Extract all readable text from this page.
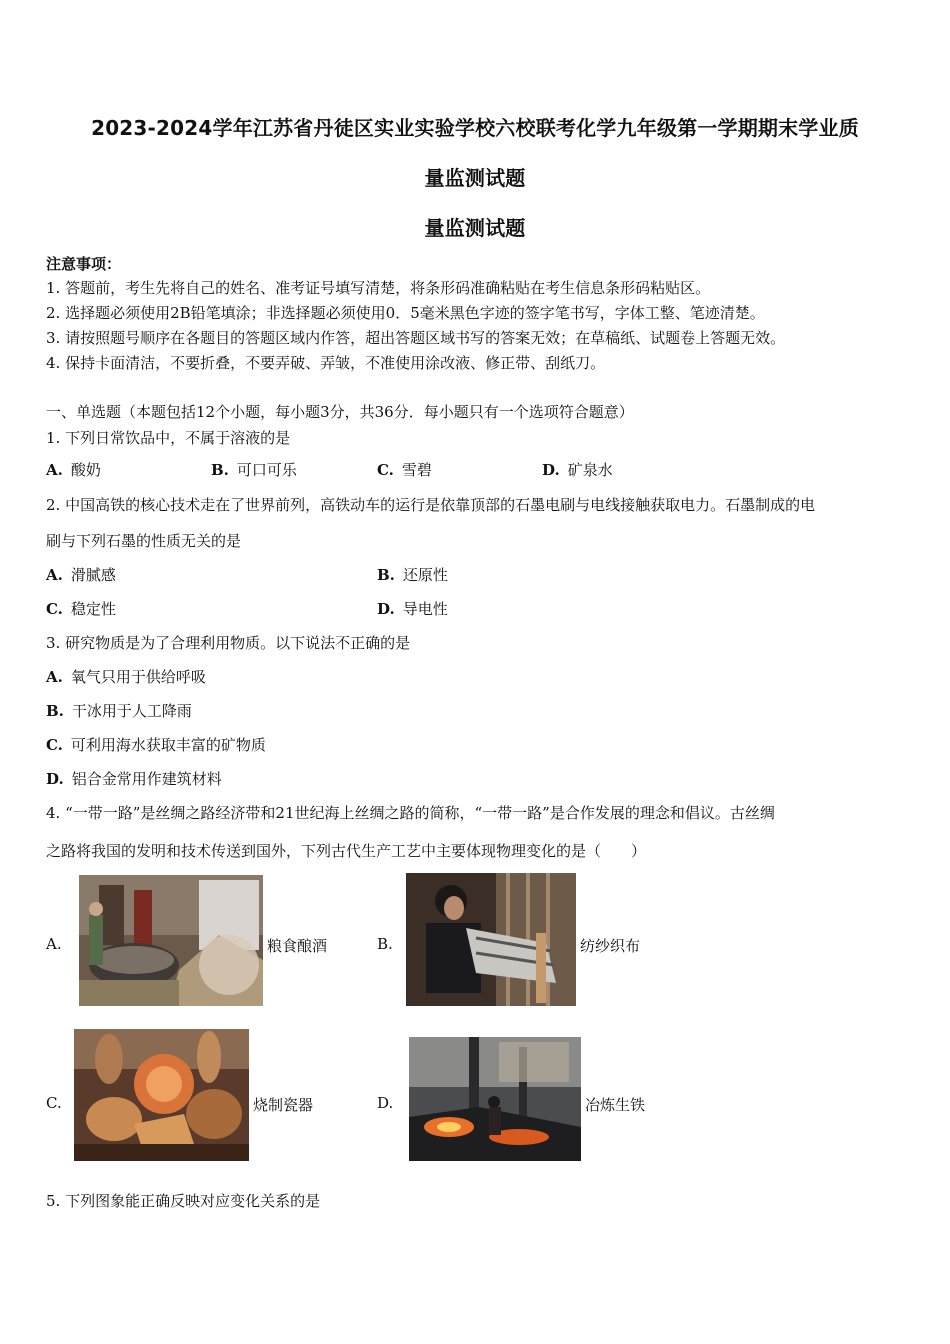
2023-2024学年江苏省丹徒区实业实验学校六校联考化学九年级第一学期期末学业质
量监测试题
量监测试题
注意事项：
1. 答题前，考生先将自己的姓名、准考证号填写清楚，将条形码准确粘贴在考生信息条形码粘贴区。
2. 选择题必须使用2B铅笔填涂；非选择题必须使用0．5毫米黑色字迹的签字笔书写，字体工整、笔迹清楚。
3. 请按照题号顺序在各题目的答题区域内作答，超出答题区域书写的答案无效；在草稿纸、试题卷上答题无效。
4. 保持卡面清洁，不要折叠，不要弄破、弄皱，不准使用涂改液、修正带、刮纸刀。
一、单选题（本题包括12个小题，每小题3分，共36分．每小题只有一个选项符合题意）
1. 下列日常饮品中，不属于溶液的是
A. 酸奶	B. 可口可乐	C. 雪碧	D. 矿泉水
2. 中国高铁的核心技术走在了世界前列，高铁动车的运行是依靠顶部的石墨电刷与电线接触获取电力。石墨制成的电
刷与下列石墨的性质无关的是
A. 滑腻感	B. 还原性
C. 稳定性	D. 导电性
3. 研究物质是为了合理利用物质。以下说法不正确的是
A. 氧气只用于供给呼吸
B. 干冰用于人工降雨
C. 可利用海水获取丰富的矿物质
D. 铝合金常用作建筑材料
4. “一带一路”是丝绸之路经济带和21世纪海上丝绸之路的简称，“一带一路”是合作发展的理念和倡议。古丝绸
之路将我国的发明和技术传送到国外，下列古代生产工艺中主要体现物理变化的是（　　）
A.	粮食酿酒	B.	纺纱织布
C.	烧制瓷器	D.	冶炼生铁
5. 下列图象能正确反映对应变化关系的是
